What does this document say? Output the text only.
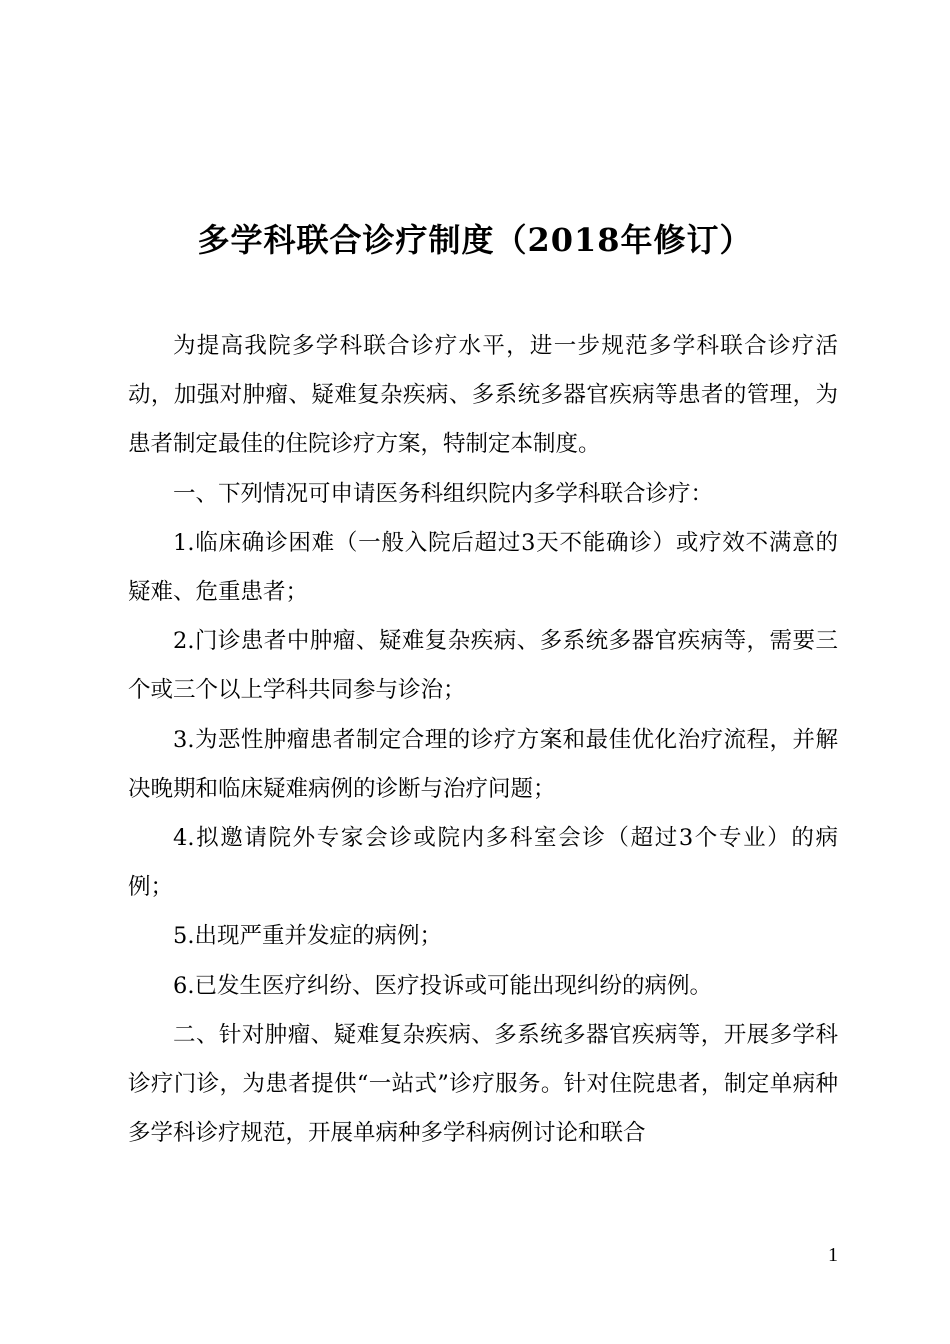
多学科联合诊疗制度（2018年修订）

为提高我院多学科联合诊疗水平，进一步规范多学科联合诊疗活动，加强对肿瘤、疑难复杂疾病、多系统多器官疾病等患者的管理，为患者制定最佳的住院诊疗方案，特制定本制度。

一、下列情况可申请医务科组织院内多学科联合诊疗：

1.临床确诊困难（一般入院后超过3天不能确诊）或疗效不满意的疑难、危重患者；

2.门诊患者中肿瘤、疑难复杂疾病、多系统多器官疾病等，需要三个或三个以上学科共同参与诊治；

3.为恶性肿瘤患者制定合理的诊疗方案和最佳优化治疗流程，并解决晚期和临床疑难病例的诊断与治疗问题；

4.拟邀请院外专家会诊或院内多科室会诊（超过3个专业）的病例；

5.出现严重并发症的病例；

6.已发生医疗纠纷、医疗投诉或可能出现纠纷的病例。

二、针对肿瘤、疑难复杂疾病、多系统多器官疾病等，开展多学科诊疗门诊，为患者提供“一站式”诊疗服务。针对住院患者，制定单病种多学科诊疗规范，开展单病种多学科病例讨论和联合

1
